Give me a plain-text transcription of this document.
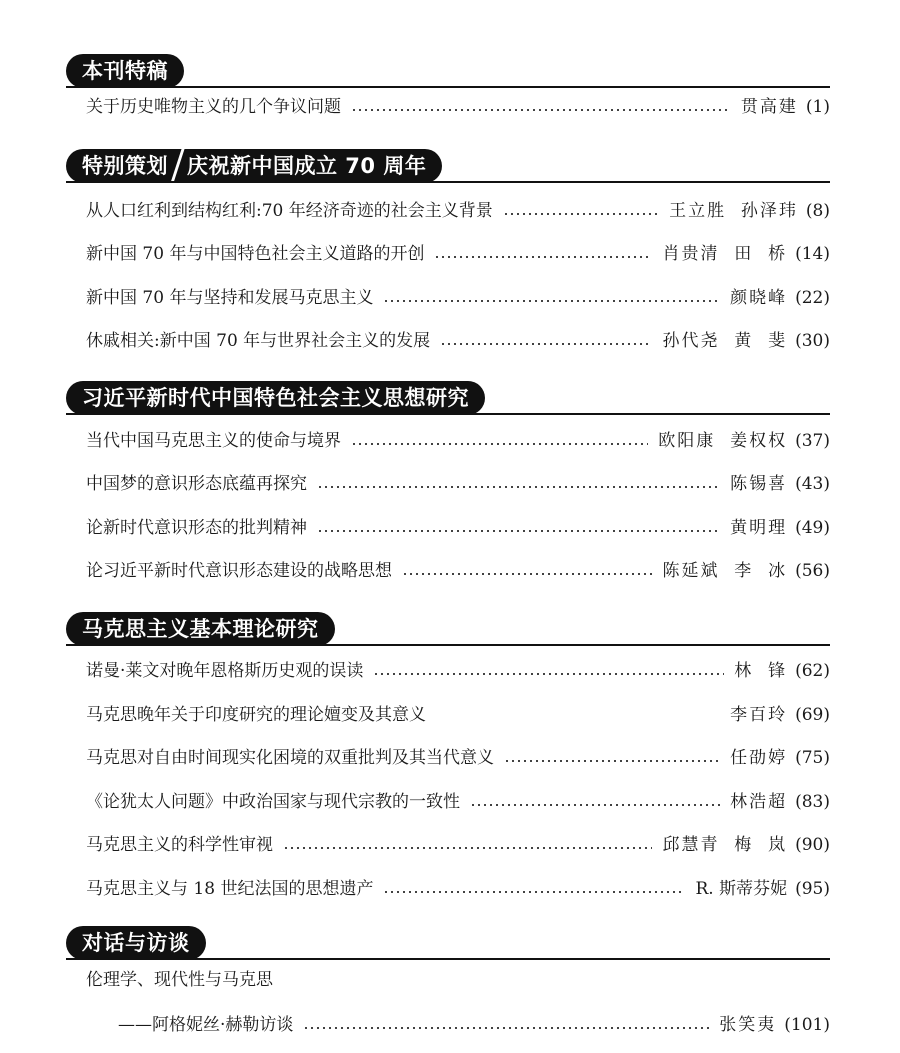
本刊特稿
关于历史唯物主义的几个争议问题	贯高建 (1)
特别策划 庆祝新中国成立 70 周年
从人口红利到结构红利:70 年经济奇迹的社会主义背景	王立胜  孙泽玮 (8)
新中国 70 年与中国特色社会主义道路的开创	肖贵清  田  桥 (14)
新中国 70 年与坚持和发展马克思主义	颜晓峰 (22)
休戚相关:新中国 70 年与世界社会主义的发展	孙代尧  黄  斐 (30)
习近平新时代中国特色社会主义思想研究
当代中国马克思主义的使命与境界	欧阳康  姜权权 (37)
中国梦的意识形态底蕴再探究	陈锡喜 (43)
论新时代意识形态的批判精神	黄明理 (49)
论习近平新时代意识形态建设的战略思想	陈延斌  李  冰 (56)
马克思主义基本理论研究
诺曼·莱文对晚年恩格斯历史观的误读	林  锋 (62)
马克思晚年关于印度研究的理论嬗变及其意义	李百玲 (69)
马克思对自由时间现实化困境的双重批判及其当代意义	任劭婷 (75)
《论犹太人问题》中政治国家与现代宗教的一致性	林浩超 (83)
马克思主义的科学性审视	邱慧青  梅  岚 (90)
马克思主义与 18 世纪法国的思想遗产	R. 斯蒂芬妮 (95)
对话与访谈
伦理学、现代性与马克思
——阿格妮丝·赫勒访谈	张笑夷 (101)
